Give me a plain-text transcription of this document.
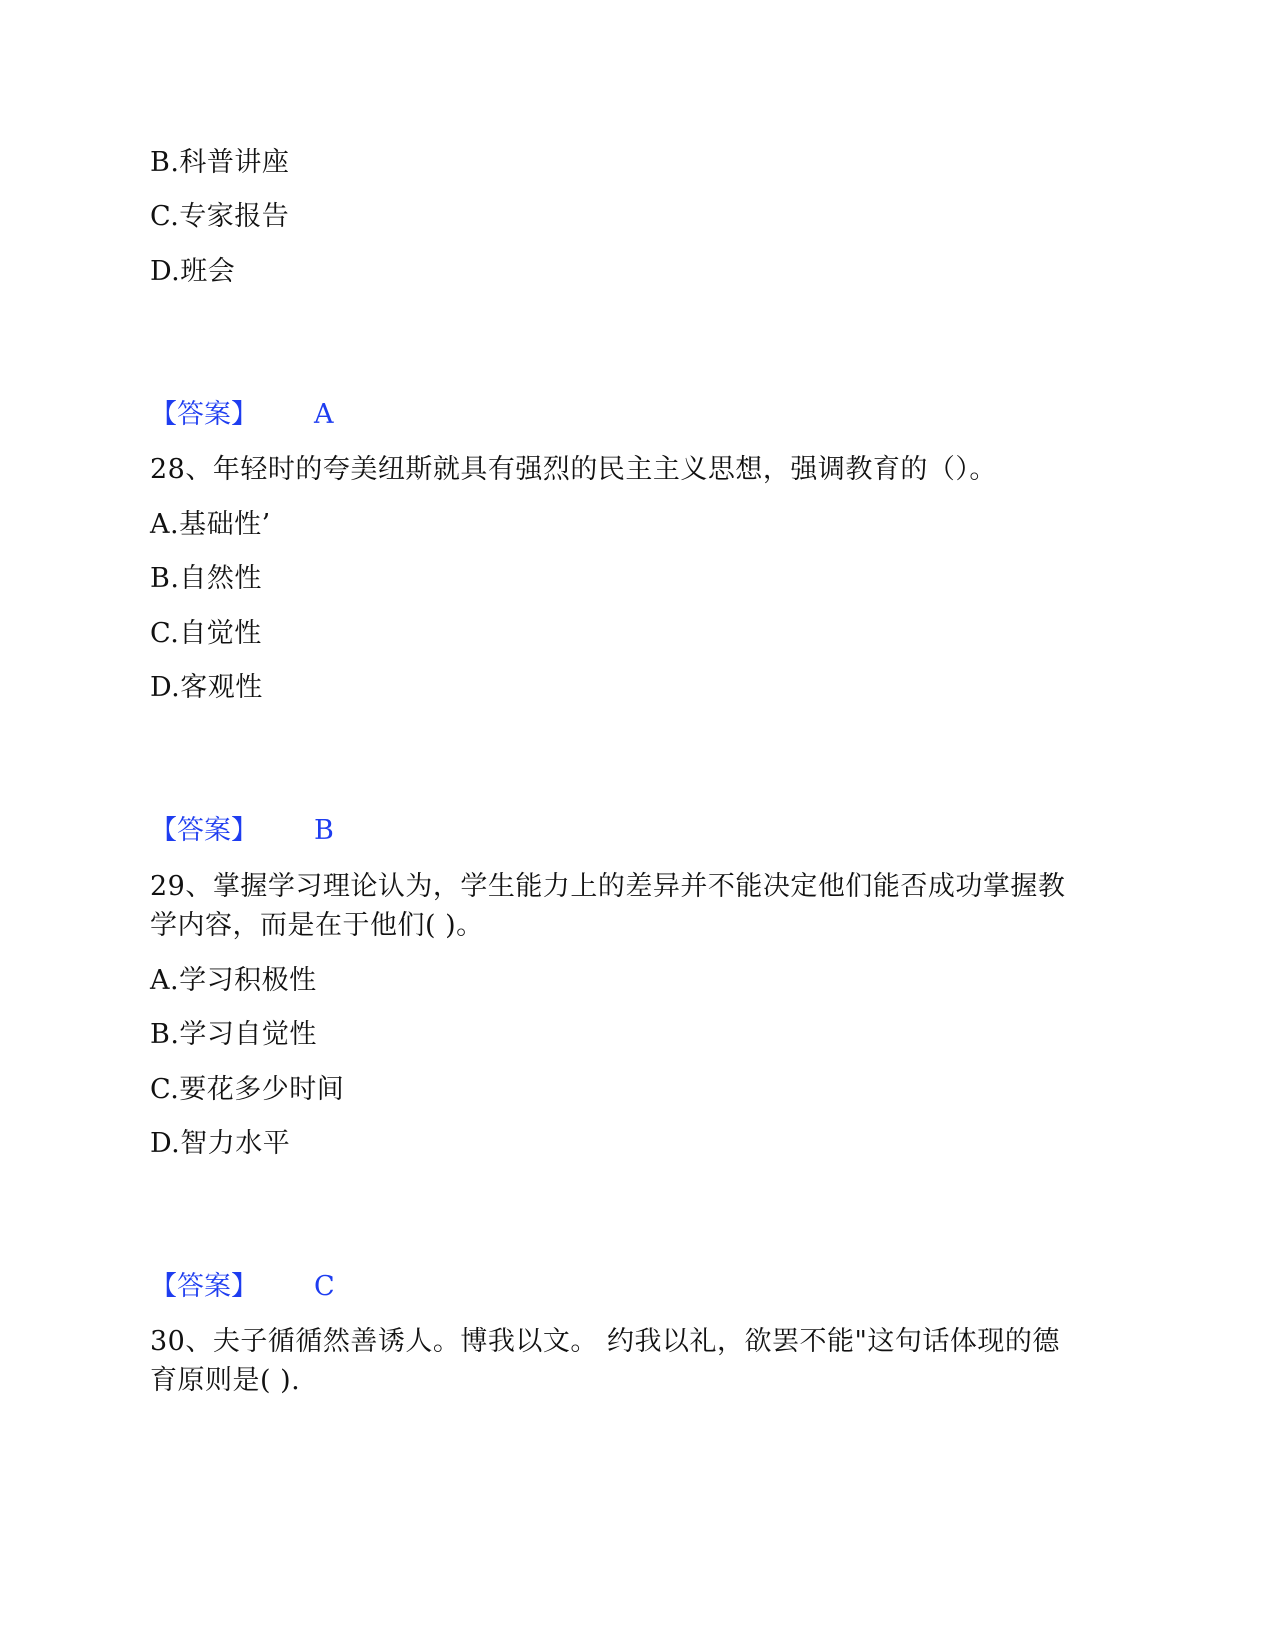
B.科普讲座
C.专家报告
D.班会
【答案】 A
28、年轻时的夸美纽斯就具有强烈的民主主义思想，强调教育的（）。
A.基础性’
B.自然性
C.自觉性
D.客观性
【答案】 B
29、掌握学习理论认为，学生能力上的差异并不能决定他们能否成功掌握教
学内容，而是在于他们( )。
A.学习积极性
B.学习自觉性
C.要花多少时间
D.智力水平
【答案】 C
30、夫子循循然善诱人。博我以文。 约我以礼，欲罢不能"这句话体现的德
育原则是( ).
